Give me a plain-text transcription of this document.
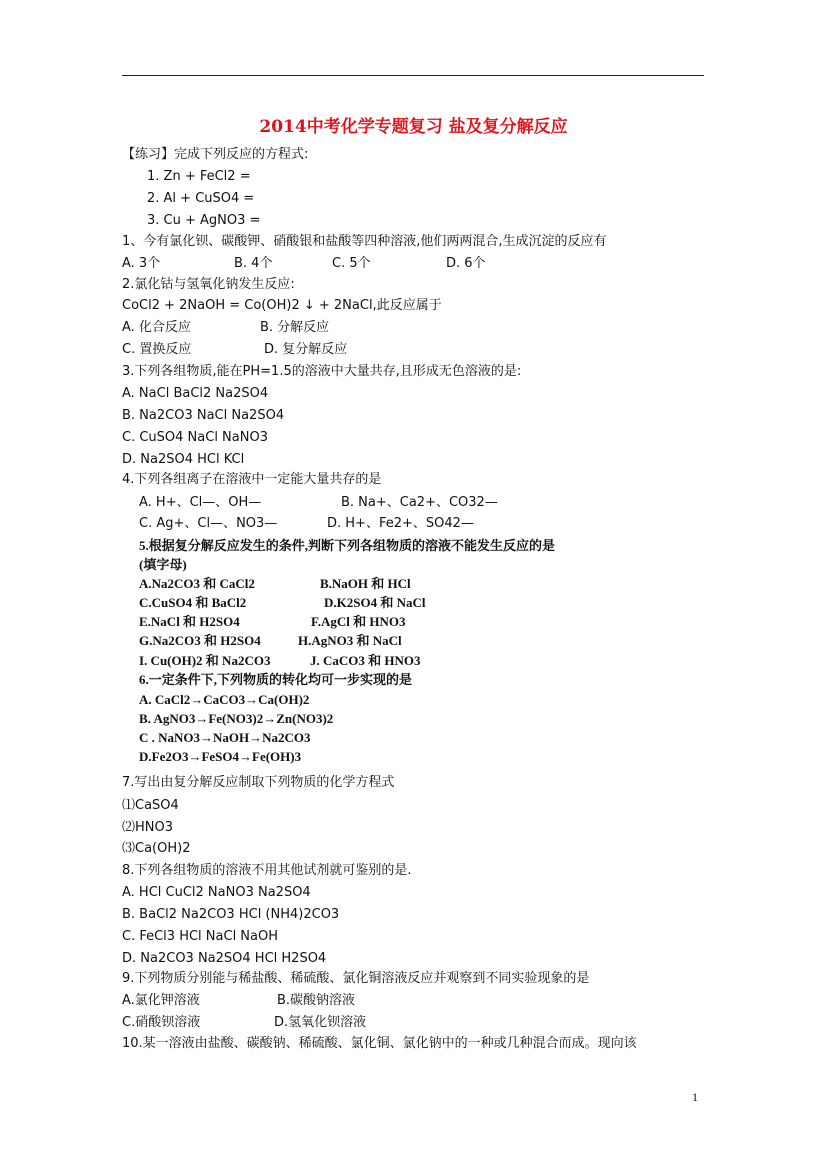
2014中考化学专题复习 盐及复分解反应
【练习】完成下列反应的方程式:
1. Zn + FeCl2 =
2. Al + CuSO4 =
3. Cu + AgNO3 =
1、今有氯化钡、碳酸钾、硝酸银和盐酸等四种溶液,他们两两混合,生成沉淀的反应有
A. 3个	B. 4个	C. 5个	D. 6个
2.氯化钴与氢氧化钠发生反应:
CoCl2 + 2NaOH = Co(OH)2 ↓ + 2NaCl,此反应属于
A. 化合反应	B. 分解反应
C. 置换反应	D. 复分解反应
3.下列各组物质,能在PH=1.5的溶液中大量共存,且形成无色溶液的是:
A. NaCl BaCl2 Na2SO4
B. Na2CO3 NaCl Na2SO4
C. CuSO4 NaCl NaNO3
D. Na2SO4 HCl KCl
4.下列各组离子在溶液中一定能大量共存的是
A. H+、Cl—、OH—	B. Na+、Ca2+、CO32—
C. Ag+、Cl—、NO3—	D. H+、Fe2+、SO42—
5.根据复分解反应发生的条件,判断下列各组物质的溶液不能发生反应的是
(填字母)
A.Na2CO3 和 CaCl2	B.NaOH 和 HCl
C.CuSO4 和 BaCl2	D.K2SO4 和 NaCl
E.NaCl 和 H2SO4	F.AgCl 和 HNO3
G.Na2CO3 和 H2SO4	H.AgNO3 和 NaCl
I. Cu(OH)2 和 Na2CO3	J. CaCO3 和 HNO3
6.一定条件下,下列物质的转化均可一步实现的是
A. CaCl2→CaCO3→Ca(OH)2
B. AgNO3→Fe(NO3)2→Zn(NO3)2
C . NaNO3→NaOH→Na2CO3
D.Fe2O3→FeSO4→Fe(OH)3
7.写出由复分解反应制取下列物质的化学方程式
⑴CaSO4
⑵HNO3
⑶Ca(OH)2
8.下列各组物质的溶液不用其他试剂就可鉴别的是.
A. HCl CuCl2 NaNO3 Na2SO4
B. BaCl2 Na2CO3 HCl (NH4)2CO3
C. FeCl3 HCl NaCl NaOH
D. Na2CO3 Na2SO4 HCl H2SO4
9.下列物质分别能与稀盐酸、稀硫酸、氯化铜溶液反应并观察到不同实验现象的是
A.氯化钾溶液	B.碳酸钠溶液
C.硝酸钡溶液	D.氢氧化钡溶液
10.某一溶液由盐酸、碳酸钠、稀硫酸、氯化铜、氯化钠中的一种或几种混合而成。现向该
1
